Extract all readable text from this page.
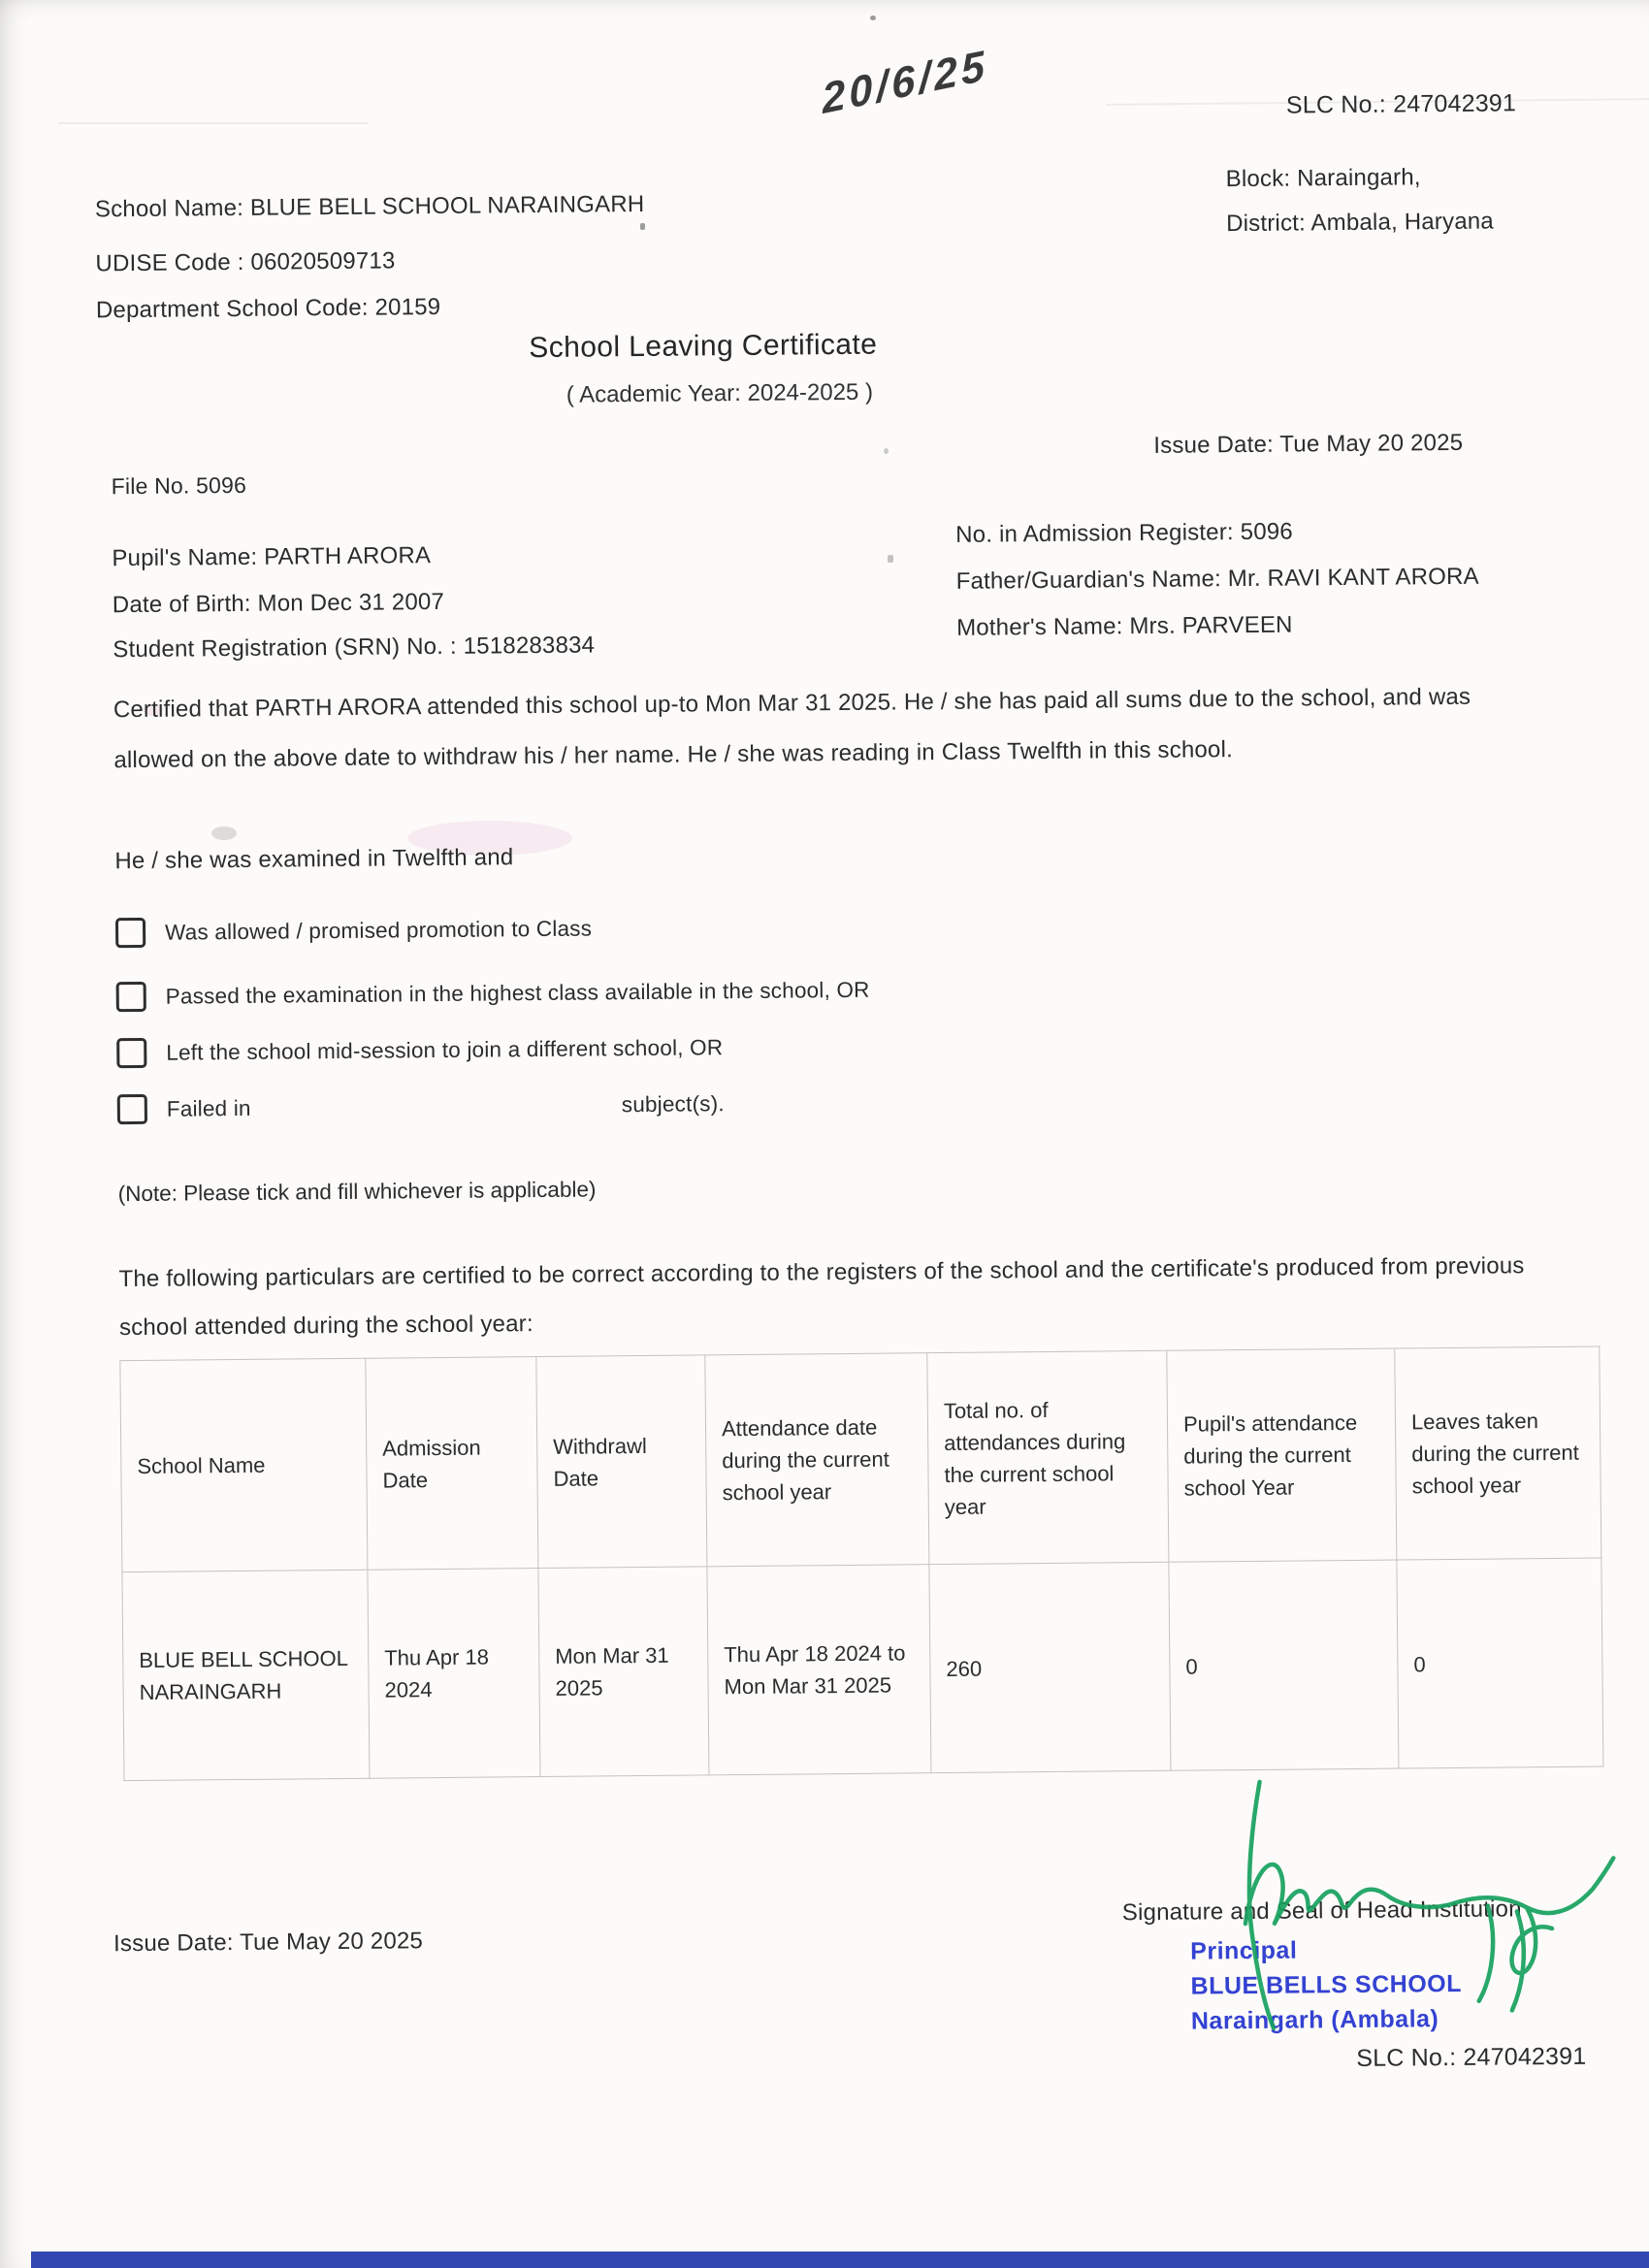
20/6/25	SLC No.: 247042391
School Name: BLUE BELL SCHOOL NARAINGARH
Block: Naraingarh,
District: Ambala, Haryana
UDISE Code : 06020509713
Department School Code: 20159
School Leaving Certificate
( Academic Year: 2024-2025 )
Issue Date: Tue May 20 2025
File No. 5096
Pupil's Name: PARTH ARORA
Date of Birth: Mon Dec 31 2007
Student Registration (SRN) No. : 1518283834
No. in Admission Register: 5096
Father/Guardian's Name: Mr. RAVI KANT ARORA
Mother's Name: Mrs. PARVEEN
Certified that PARTH ARORA attended this school up-to Mon Mar 31 2025. He / she has paid all sums due to the school, and was allowed on the above date to withdraw his / her name. He / she was reading in Class Twelfth in this school.
He / she was examined in Twelfth and
Was allowed / promised promotion to Class
Passed the examination in the highest class available in the school, OR
Left the school mid-session to join a different school, OR
Failed in	subject(s).
(Note: Please tick and fill whichever is applicable)
The following particulars are certified to be correct according to the registers of the school and the certificate's produced from previous school attended during the school year:
School Name	Admission Date	Withdrawl Date	Attendance date during the current school year	Total no. of attendances during the current school year	Pupil's attendance during the current school Year	Leaves taken during the current school year
BLUE BELL SCHOOL NARAINGARH	Thu Apr 18 2024	Mon Mar 31 2025	Thu Apr 18 2024 to Mon Mar 31 2025	260	0	0
Issue Date: Tue May 20 2025
Signature and Seal of Head Institution
Principal
BLUE BELLS SCHOOL
Naraingarh (Ambala)
SLC No.: 247042391
